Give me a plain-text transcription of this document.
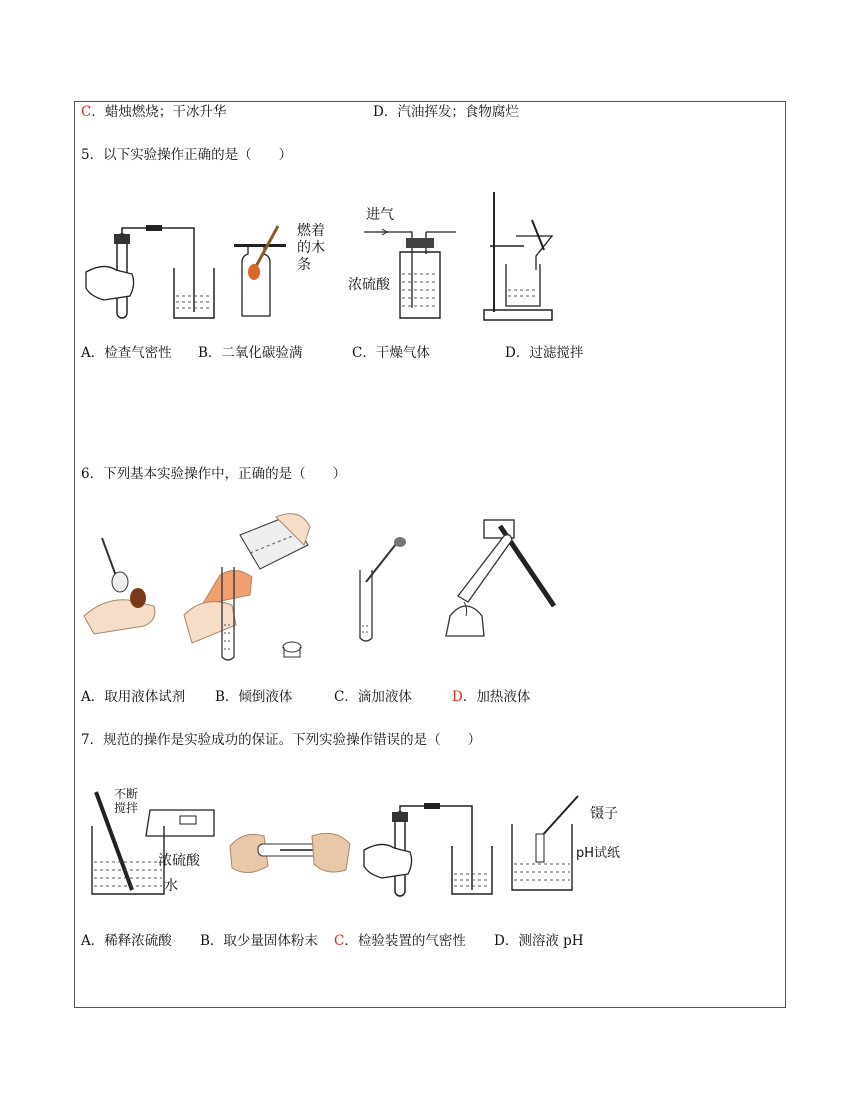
C．蜡烛燃烧；干冰升华	D．汽油挥发；食物腐烂
5．以下实验操作正确的是（　　）
燃着
的木
条
进气
浓硫酸
A．检查气密性 B．二氧化碳验满	C．干燥气体	D．过滤搅拌
6．下列基本实验操作中，正确的是（　　）
A．取用液体试剂 B．倾倒液体	C．滴加液体	D．加热液体
7．规范的操作是实验成功的保证。下列实验操作错误的是（　　）
不断
搅拌
浓硫酸
水
镊子
pH试纸
A．稀释浓硫酸 B．取少量固体粉末 C．检验装置的气密性 D．测溶液 pH
